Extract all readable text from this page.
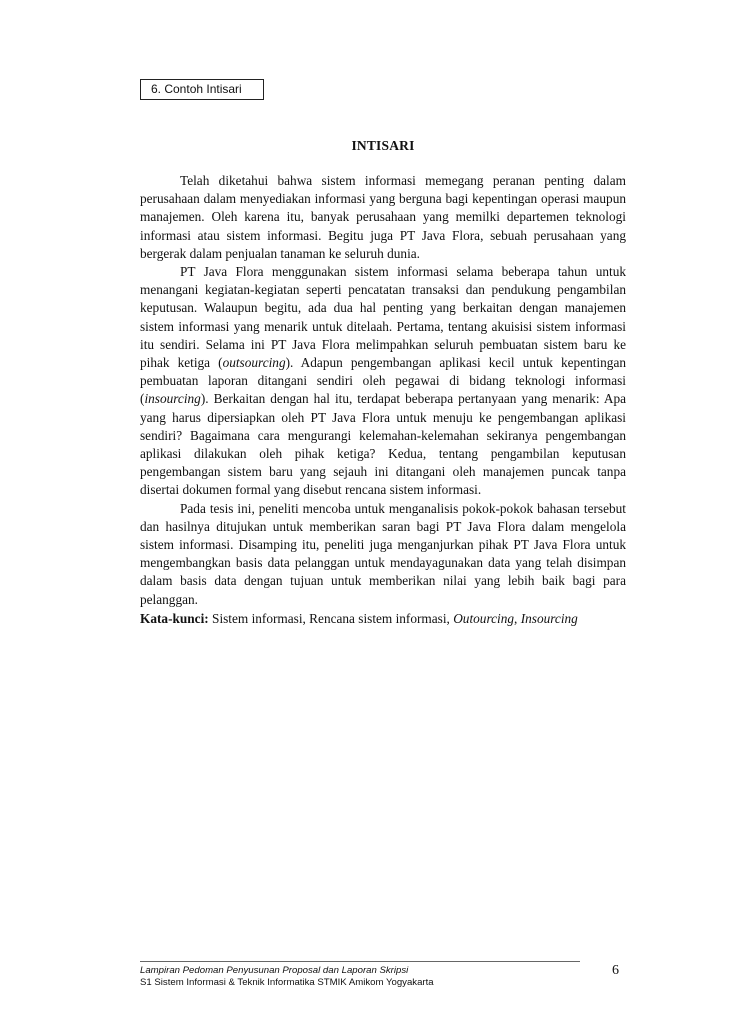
6. Contoh Intisari
INTISARI

Telah diketahui bahwa sistem informasi memegang peranan penting dalam perusahaan dalam menyediakan informasi yang berguna bagi kepentingan operasi maupun manajemen. Oleh karena itu, banyak perusahaan yang memilki departemen teknologi informasi atau sistem informasi. Begitu juga PT Java Flora, sebuah perusahaan yang bergerak dalam penjualan tanaman ke seluruh dunia.

PT Java Flora menggunakan sistem informasi selama beberapa tahun untuk menangani kegiatan-kegiatan seperti pencatatan transaksi dan pendukung pengambilan keputusan. Walaupun begitu, ada dua hal penting yang berkaitan dengan manajemen sistem informasi yang menarik untuk ditelaah. Pertama, tentang akuisisi sistem informasi itu sendiri. Selama ini PT Java Flora melimpahkan seluruh pembuatan sistem baru ke pihak ketiga (outsourcing). Adapun pengembangan aplikasi kecil untuk kepentingan pembuatan laporan ditangani sendiri oleh pegawai di bidang teknologi informasi (insourcing). Berkaitan dengan hal itu, terdapat beberapa pertanyaan yang menarik: Apa yang harus dipersiapkan oleh PT Java Flora untuk menuju ke pengembangan aplikasi sendiri? Bagaimana cara mengurangi kelemahan-kelemahan sekiranya pengembangan aplikasi dilakukan oleh pihak ketiga? Kedua, tentang pengambilan keputusan pengembangan sistem baru yang sejauh ini ditangani oleh manajemen puncak tanpa disertai dokumen formal yang disebut rencana sistem informasi.

Pada tesis ini, peneliti mencoba untuk menganalisis pokok-pokok bahasan tersebut dan hasilnya ditujukan untuk memberikan saran bagi PT Java Flora dalam mengelola sistem informasi. Disamping itu, peneliti juga menganjurkan pihak PT Java Flora untuk mengembangkan basis data pelanggan untuk mendayagunakan data yang telah disimpan dalam basis data dengan tujuan untuk memberikan nilai yang lebih baik bagi para pelanggan.

Kata-kunci: Sistem informasi, Rencana sistem informasi, Outourcing, Insourcing
Lampiran Pedoman Penyusunan Proposal dan Laporan Skripsi
S1 Sistem Informasi & Teknik Informatika STMIK Amikom Yogyakarta
6
